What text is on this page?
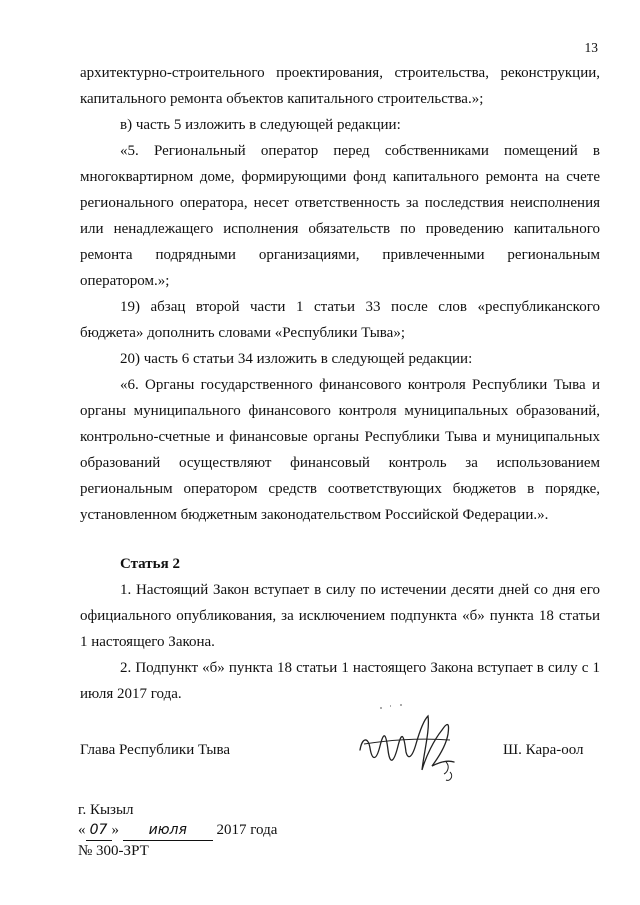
13

архитектурно-строительного проектирования, строительства, реконструкции, капитального ремонта объектов капитального строительства.»;

в) часть 5 изложить в следующей редакции:

«5. Региональный оператор перед собственниками помещений в многоквартирном доме, формирующими фонд капитального ремонта на счете регионального оператора, несет ответственность за последствия неисполнения или ненадлежащего исполнения обязательств по проведению капитального ремонта подрядными организациями, привлеченными региональным оператором.»;

19) абзац второй части 1 статьи 33 после слов «республиканского бюджета» дополнить словами «Республики Тыва»;

20) часть 6 статьи 34 изложить в следующей редакции:

«6. Органы государственного финансового контроля Республики Тыва и органы муниципального финансового контроля муниципальных образований, контрольно-счетные и финансовые органы Республики Тыва и муниципальных образований осуществляют финансовый контроль за использованием региональным оператором средств соответствующих бюджетов в порядке, установленном бюджетным законодательством Российской Федерации.».

Статья 2

1. Настоящий Закон вступает в силу по истечении десяти дней со дня его официального опубликования, за исключением подпункта «б» пункта 18 статьи 1 настоящего Закона.

2. Подпункт «б» пункта 18 статьи 1 настоящего Закона вступает в силу с 1 июля 2017 года.

Глава Республики Тыва	Ш. Кара-оол
г. Кызыл
« 07 » июля 2017 года
№ 300-ЗРТ
